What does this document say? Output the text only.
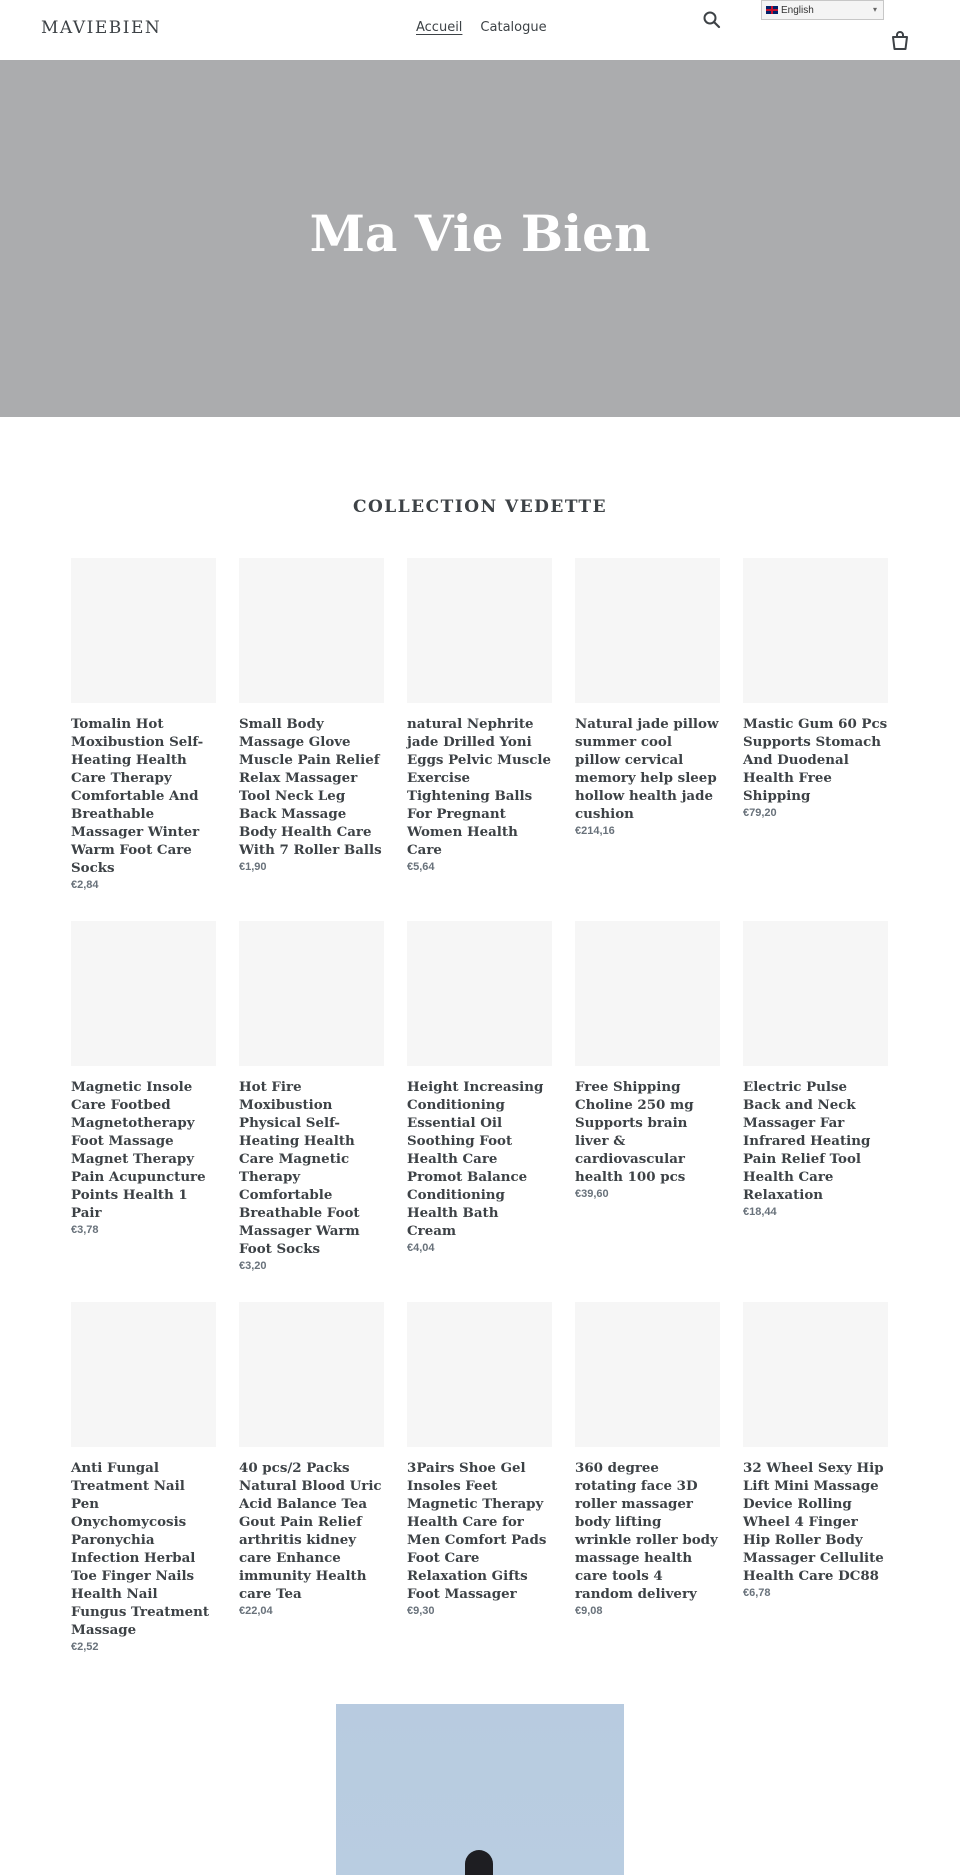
MAVIEBIEN	Accueil Catalogue
English	▾
Ma Vie Bien
COLLECTION VEDETTE
Tomalin Hot Moxibustion Self-Heating Health Care Therapy Comfortable And Breathable Massager Winter Warm Foot Care Socks
€2,84
Small Body Massage Glove Muscle Pain Relief Relax Massager Tool Neck Leg Back Massage Body Health Care With 7 Roller Balls
€1,90
natural Nephrite jade Drilled Yoni Eggs Pelvic Muscle Exercise Tightening Balls For Pregnant Women Health Care
€5,64
Natural jade pillow summer cool pillow cervical memory help sleep hollow health jade cushion
€214,16
Mastic Gum 60 Pcs Supports Stomach And Duodenal Health Free Shipping
€79,20
Magnetic Insole Care Footbed Magnetotherapy Foot Massage Magnet Therapy Pain Acupuncture Points Health 1 Pair
€3,78
Hot Fire Moxibustion Physical Self-Heating Health Care Magnetic Therapy Comfortable Breathable Foot Massager Warm Foot Socks
€3,20
Height Increasing Conditioning Essential Oil Soothing Foot Health Care Promot Balance Conditioning Health Bath Cream
€4,04
Free Shipping Choline 250 mg Supports brain liver & cardiovascular health 100 pcs
€39,60
Electric Pulse Back and Neck Massager Far Infrared Heating Pain Relief Tool Health Care Relaxation
€18,44
Anti Fungal Treatment Nail Pen Onychomycosis Paronychia Infection Herbal Toe Finger Nails Health Nail Fungus Treatment Massage
€2,52
40 pcs/2 Packs Natural Blood Uric Acid Balance Tea Gout Pain Relief arthritis kidney care Enhance immunity Health care Tea
€22,04
3Pairs Shoe Gel Insoles Feet Magnetic Therapy Health Care for Men Comfort Pads Foot Care Relaxation Gifts Foot Massager
€9,30
360 degree rotating face 3D roller massager body lifting wrinkle roller body massage health care tools 4 random delivery
€9,08
32 Wheel Sexy Hip Lift Mini Massage Device Rolling Wheel 4 Finger Hip Roller Body Massager Cellulite Health Care DC88
€6,78
